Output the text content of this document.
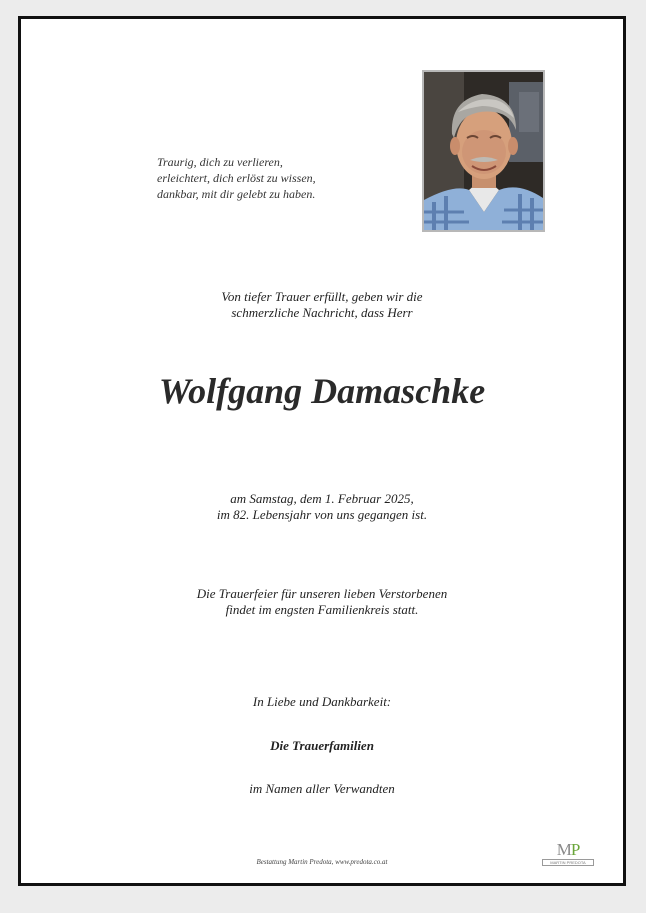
Traurig, dich zu verlieren,
erleichtert, dich erlöst zu wissen,
dankbar, mit dir gelebt zu haben.
Von tiefer Trauer erfüllt, geben wir die
schmerzliche Nachricht, dass Herr
Wolfgang Damaschke
am Samstag, dem 1. Februar 2025,
im 82. Lebensjahr von uns gegangen ist.
Die Trauerfeier für unseren lieben Verstorbenen
findet im engsten Familienkreis statt.
In Liebe und Dankbarkeit:
Die Trauerfamilien
im Namen aller Verwandten
Bestattung Martin Predota, www.predota.co.at
MP
MARTIN PREDOTA
